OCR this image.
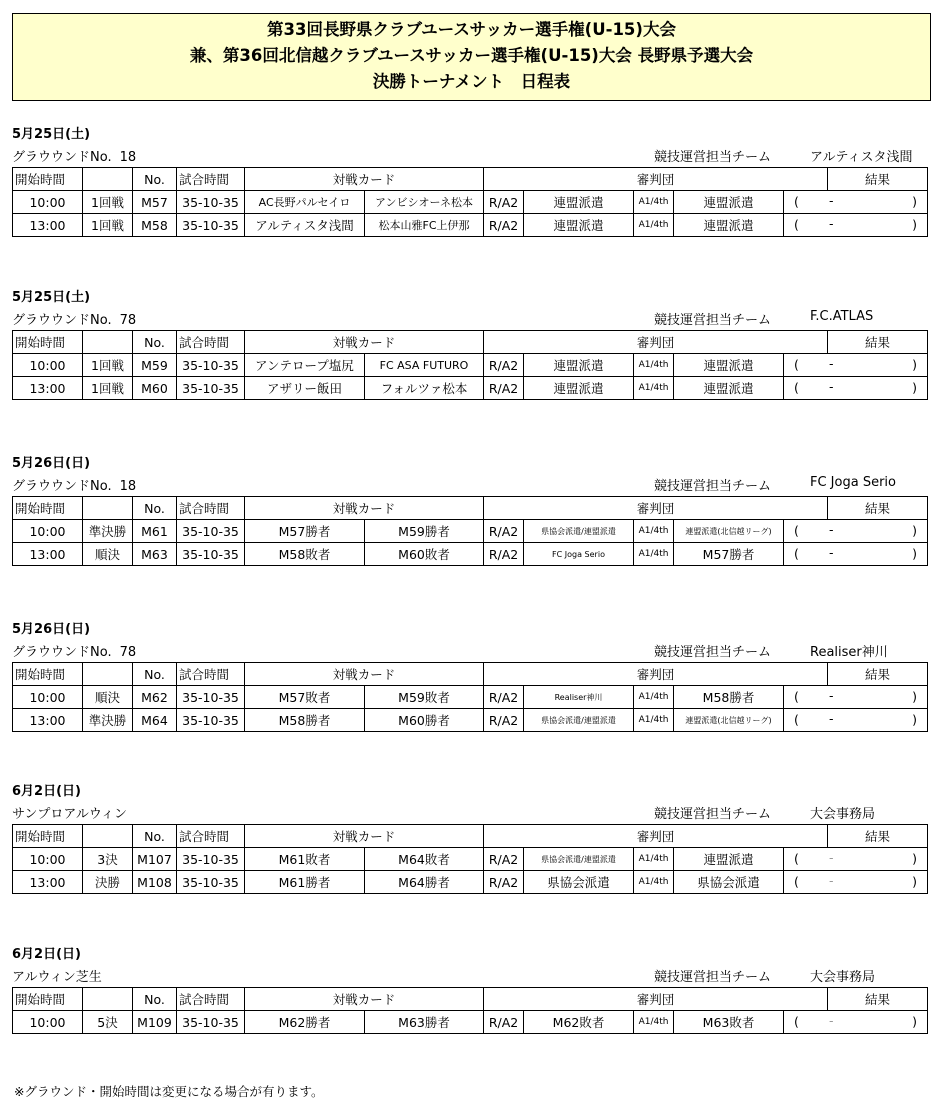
第33回長野県クラブユースサッカー選手権(U-15)大会
兼、第36回北信越クラブユースサッカー選手権(U-15)大会 長野県予選大会
決勝トーナメント　日程表
5月25日(土)
グラウウンドNo. 18	競技運営担当チーム	アルティスタ浅間
開始時間		No.	試合時間	対戦カード		審判団					結果
10:00	1回戦	M57	35-10-35	AC長野パルセイロ	アンビシオーネ松本	R/A2	連盟派遣	A1/4th	連盟派遣	( - )	

13:00	1回戦	M58	35-10-35	アルティスタ浅間	松本山雅FC上伊那	R/A2	連盟派遣	A1/4th	連盟派遣	( - )	
5月25日(土)
グラウウンドNo. 78	競技運営担当チーム	F.C.ATLAS
開始時間		No.	試合時間	対戦カード		審判団					結果
10:00	1回戦	M59	35-10-35	アンテロープ塩尻	FC ASA FUTURO	R/A2	連盟派遣	A1/4th	連盟派遣	( - )	

13:00	1回戦	M60	35-10-35	アザリー飯田	フォルツァ松本	R/A2	連盟派遣	A1/4th	連盟派遣	( - )	
5月26日(日)
グラウウンドNo. 18	競技運営担当チーム	FC Joga Serio
開始時間		No.	試合時間	対戦カード		審判団					結果
10:00	準決勝	M61	35-10-35	M57勝者	M59勝者	R/A2	県協会派遣/連盟派遣	A1/4th	連盟派遣(北信越リーグ)	( - )	

13:00	順決	M63	35-10-35	M58敗者	M60敗者	R/A2	FC Joga Serio	A1/4th	M57勝者	( - )	
5月26日(日)
グラウウンドNo. 78	競技運営担当チーム	Realiser神川
開始時間		No.	試合時間	対戦カード		審判団					結果
10:00	順決	M62	35-10-35	M57敗者	M59敗者	R/A2	Realiser神川	A1/4th	M58勝者	( - )	

13:00	準決勝	M64	35-10-35	M58勝者	M60勝者	R/A2	県協会派遣/連盟派遣	A1/4th	連盟派遣(北信越リーグ)	( - )	
6月2日(日)
サンプロアルウィン	競技運営担当チーム	大会事務局
開始時間		No.	試合時間	対戦カード		審判団					結果
10:00	3決	M107	35-10-35	M61敗者	M64敗者	R/A2	県協会派遣/連盟派遣	A1/4th	連盟派遣	( - )	

13:00	決勝	M108	35-10-35	M61勝者	M64勝者	R/A2	県協会派遣	A1/4th	県協会派遣	( - )	
6月2日(日)
アルウィン芝生	競技運営担当チーム	大会事務局
開始時間		No.	試合時間	対戦カード		審判団					結果
10:00	5決	M109	35-10-35	M62勝者	M63勝者	R/A2	M62敗者	A1/4th	M63敗者	( - )	
※グラウンド・開始時間は変更になる場合が有ります。
